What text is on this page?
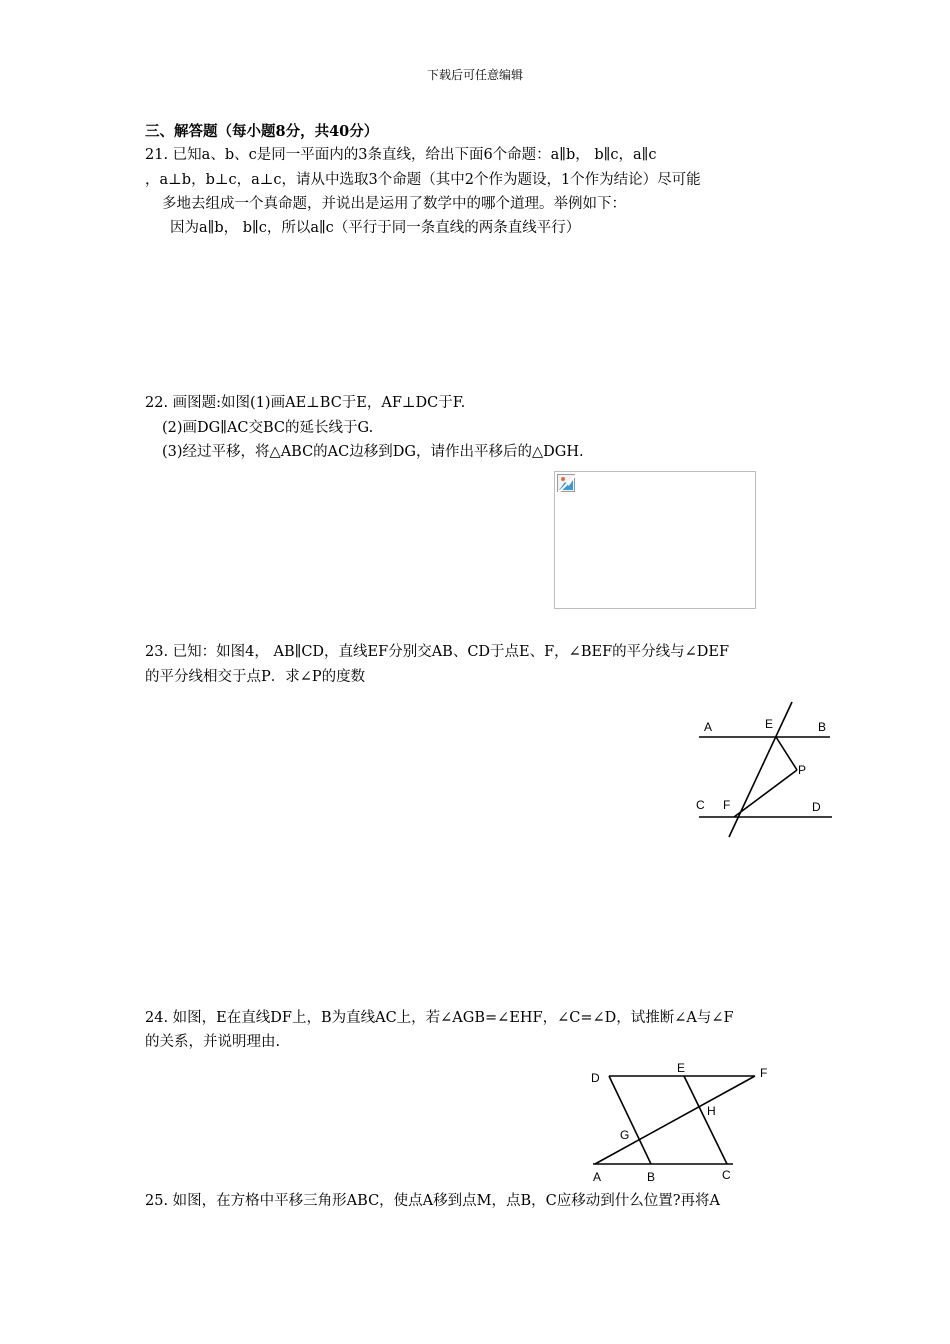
下载后可任意编辑
三、解答题（每小题8分，共40分）
21. 已知a、b、c是同一平面内的3条直线，给出下面6个命题：a∥b， b∥c，a∥c
，a⊥b，b⊥c，a⊥c，请从中选取3个命题（其中2个作为题设，1个作为结论）尽可能
多地去组成一个真命题，并说出是运用了数学中的哪个道理。举例如下：
因为a∥b， b∥c，所以a∥c（平行于同一条直线的两条直线平行）
22. 画图题:如图(1)画AE⊥BC于E，AF⊥DC于F.
(2)画DG∥AC交BC的延长线于G.
(3)经过平移，将△ABC的AC边移到DG，请作出平移后的△DGH.
23. 已知：如图4， AB∥CD，直线EF分别交AB、CD于点E、F，∠BEF的平分线与∠DEF
的平分线相交于点P．求∠P的度数
A	E	B
P
C F	D
24. 如图，E在直线DF上，B为直线AC上，若∠AGB=∠EHF，∠C=∠D，试推断∠A与∠F
的关系，并说明理由.
D
E	F
H
G
A	B	C
25. 如图，在方格中平移三角形ABC，使点A移到点M，点B，C应移动到什么位置?再将A
